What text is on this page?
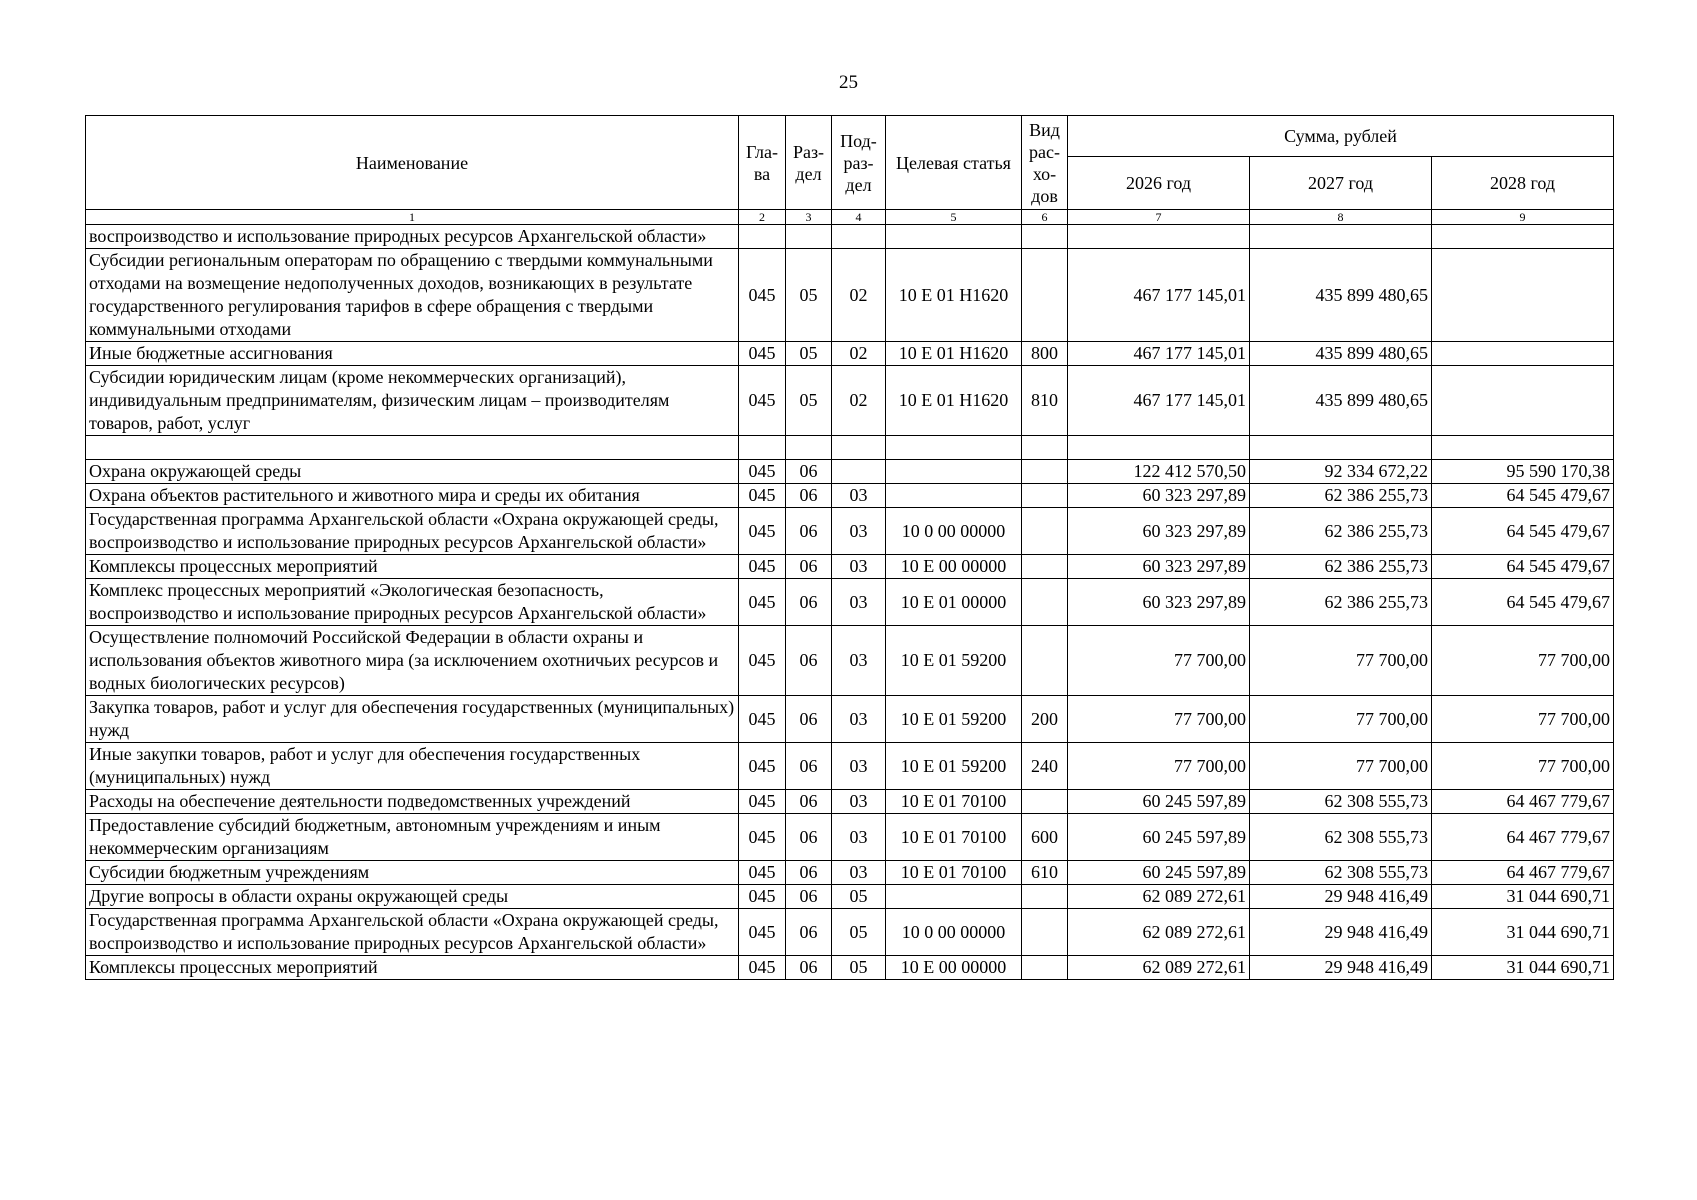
25
Наименование	Гла-ва	Раз-дел	Под-раз-дел	Целевая статья	Вид рас-хо-дов	Сумма, рублей		
						2026 год	2027 год	2028 год
1	2	3	4	5	6	7	8	9
воспроизводство и использование природных ресурсов Архангельской области»								
Субсидии региональным операторам по обращению с твердыми коммунальными отходами на возмещение недополученных доходов, возникающих в результате государственного регулирования тарифов в сфере обращения с твердыми коммунальными отходами	045	05	02	10 Е 01 Н1620		467 177 145,01	435 899 480,65	
Иные бюджетные ассигнования	045	05	02	10 Е 01 Н1620	800	467 177 145,01	435 899 480,65	
Субсидии юридическим лицам (кроме некоммерческих организаций), индивидуальным предпринимателям, физическим лицам – производителям товаров, работ, услуг	045	05	02	10 Е 01 Н1620	810	467 177 145,01	435 899 480,65	

Охрана окружающей среды	045	06				122 412 570,50	92 334 672,22	95 590 170,38
Охрана объектов растительного и животного мира и среды их обитания	045	06	03			60 323 297,89	62 386 255,73	64 545 479,67
Государственная программа Архангельской области «Охрана окружающей среды, воспроизводство и использование природных ресурсов Архангельской области»	045	06	03	10 0 00 00000		60 323 297,89	62 386 255,73	64 545 479,67
Комплексы процессных мероприятий	045	06	03	10 Е 00 00000		60 323 297,89	62 386 255,73	64 545 479,67
Комплекс процессных мероприятий «Экологическая безопасность, воспроизводство и использование природных ресурсов Архангельской области»	045	06	03	10 Е 01 00000		60 323 297,89	62 386 255,73	64 545 479,67
Осуществление полномочий Российской Федерации в области охраны и использования объектов животного мира (за исключением охотничьих ресурсов и водных биологических ресурсов)	045	06	03	10 Е 01 59200		77 700,00	77 700,00	77 700,00
Закупка товаров, работ и услуг для обеспечения государственных (муниципальных) нужд	045	06	03	10 Е 01 59200	200	77 700,00	77 700,00	77 700,00
Иные закупки товаров, работ и услуг для обеспечения государственных (муниципальных) нужд	045	06	03	10 Е 01 59200	240	77 700,00	77 700,00	77 700,00
Расходы на обеспечение деятельности подведомственных учреждений	045	06	03	10 Е 01 70100		60 245 597,89	62 308 555,73	64 467 779,67
Предоставление субсидий бюджетным, автономным учреждениям и иным некоммерческим организациям	045	06	03	10 Е 01 70100	600	60 245 597,89	62 308 555,73	64 467 779,67
Субсидии бюджетным учреждениям	045	06	03	10 Е 01 70100	610	60 245 597,89	62 308 555,73	64 467 779,67
Другие вопросы в области охраны окружающей среды	045	06	05			62 089 272,61	29 948 416,49	31 044 690,71
Государственная программа Архангельской области «Охрана окружающей среды, воспроизводство и использование природных ресурсов Архангельской области»	045	06	05	10 0 00 00000		62 089 272,61	29 948 416,49	31 044 690,71
Комплексы процессных мероприятий	045	06	05	10 Е 00 00000		62 089 272,61	29 948 416,49	31 044 690,71
